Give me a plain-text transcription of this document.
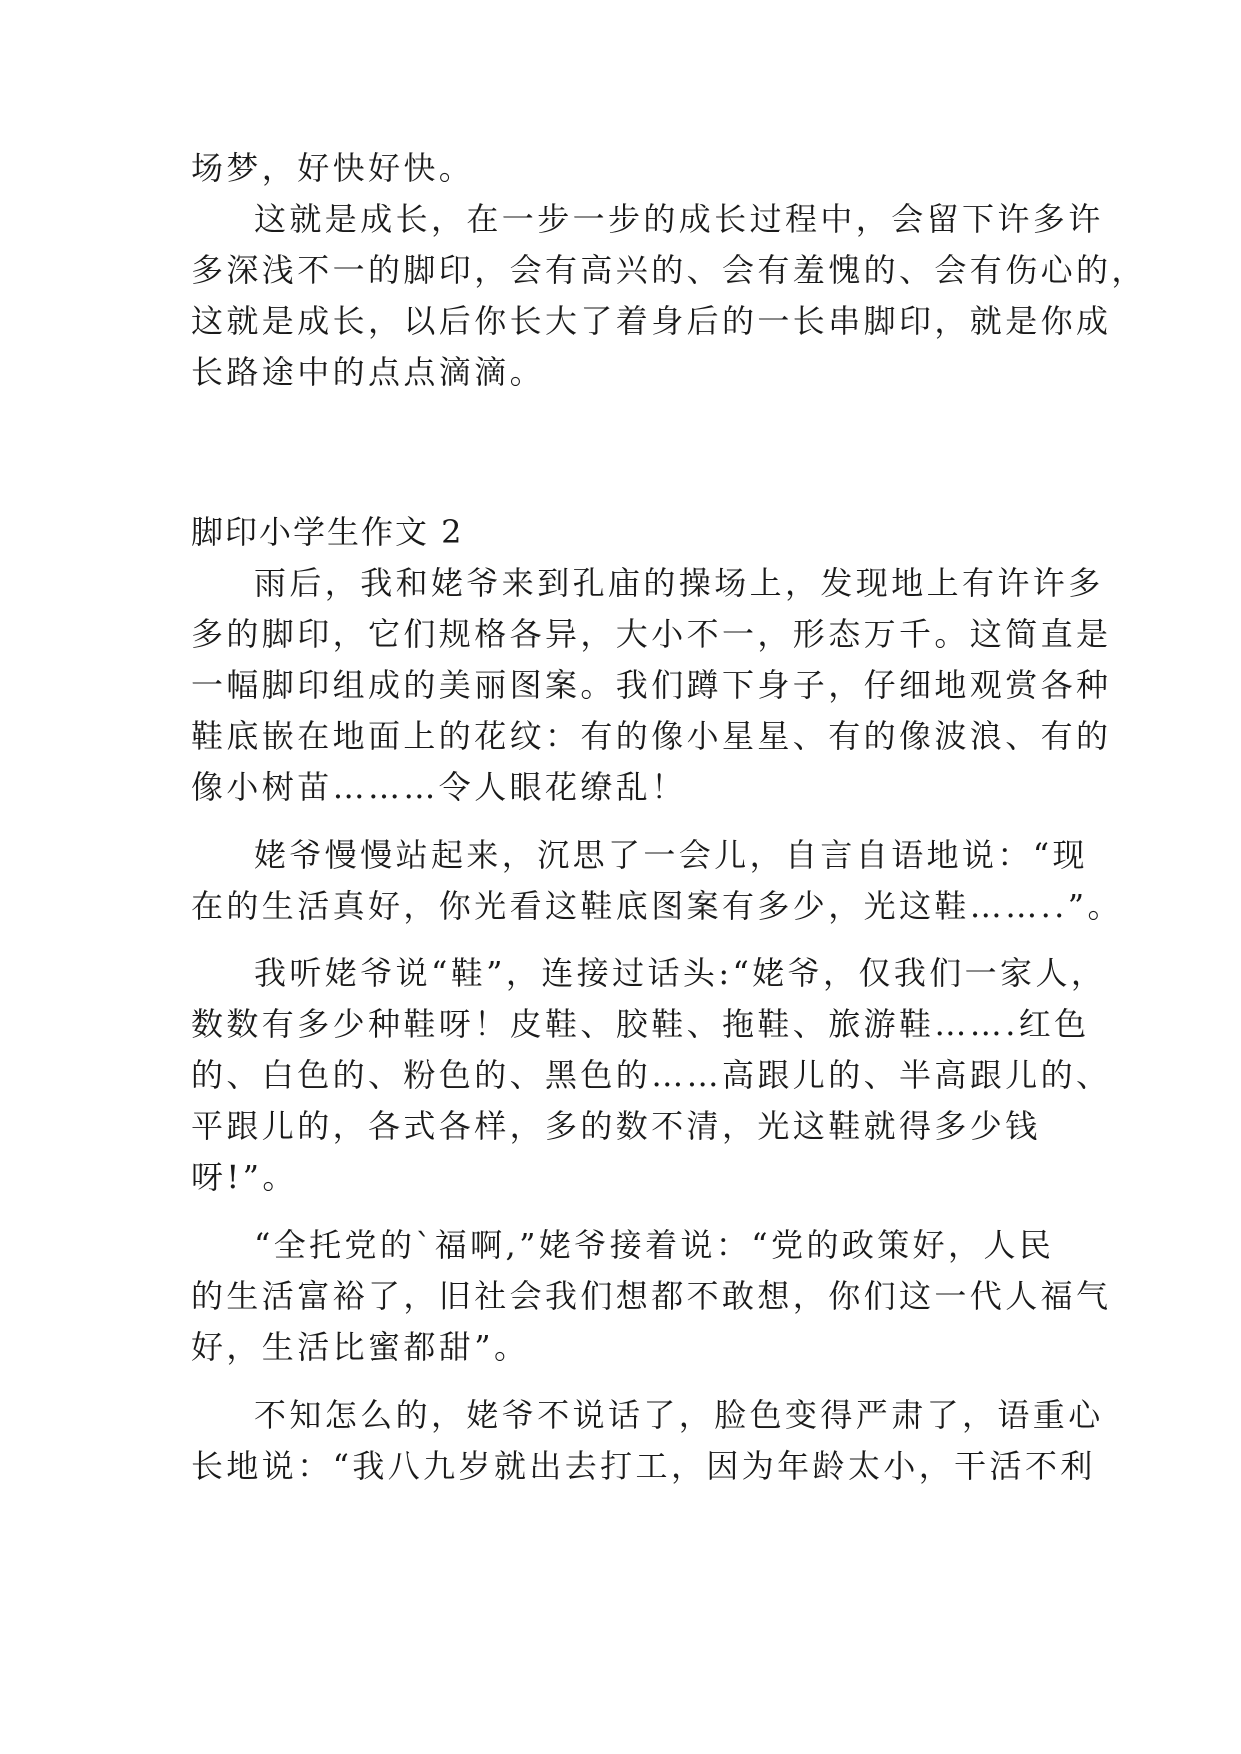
场梦，好快好快。
这就是成长，在一步一步的成长过程中，会留下许多许
多深浅不一的脚印，会有高兴的、会有羞愧的、会有伤心的，
这就是成长，以后你长大了着身后的一长串脚印，就是你成
长路途中的点点滴滴。
脚印小学生作文 2
雨后，我和姥爷来到孔庙的操场上，发现地上有许许多
多的脚印，它们规格各异，大小不一，形态万千。这简直是
一幅脚印组成的美丽图案。我们蹲下身子，仔细地观赏各种
鞋底嵌在地面上的花纹：有的像小星星、有的像波浪、有的
像小树苗………令人眼花缭乱！
姥爷慢慢站起来，沉思了一会儿，自言自语地说：“现
在的生活真好，你光看这鞋底图案有多少，光这鞋……..”。
我听姥爷说“鞋”，连接过话头:“姥爷，仅我们一家人，
数数有多少种鞋呀！皮鞋、胶鞋、拖鞋、旅游鞋…….红色
的、白色的、粉色的、黑色的……高跟儿的、半高跟儿的、
平跟儿的，各式各样，多的数不清，光这鞋就得多少钱
呀!”。
“全托党的`福啊,”姥爷接着说：“党的政策好，人民
的生活富裕了，旧社会我们想都不敢想，你们这一代人福气
好，生活比蜜都甜”。
不知怎么的，姥爷不说话了，脸色变得严肃了，语重心
长地说：“我八九岁就出去打工，因为年龄太小，干活不利
